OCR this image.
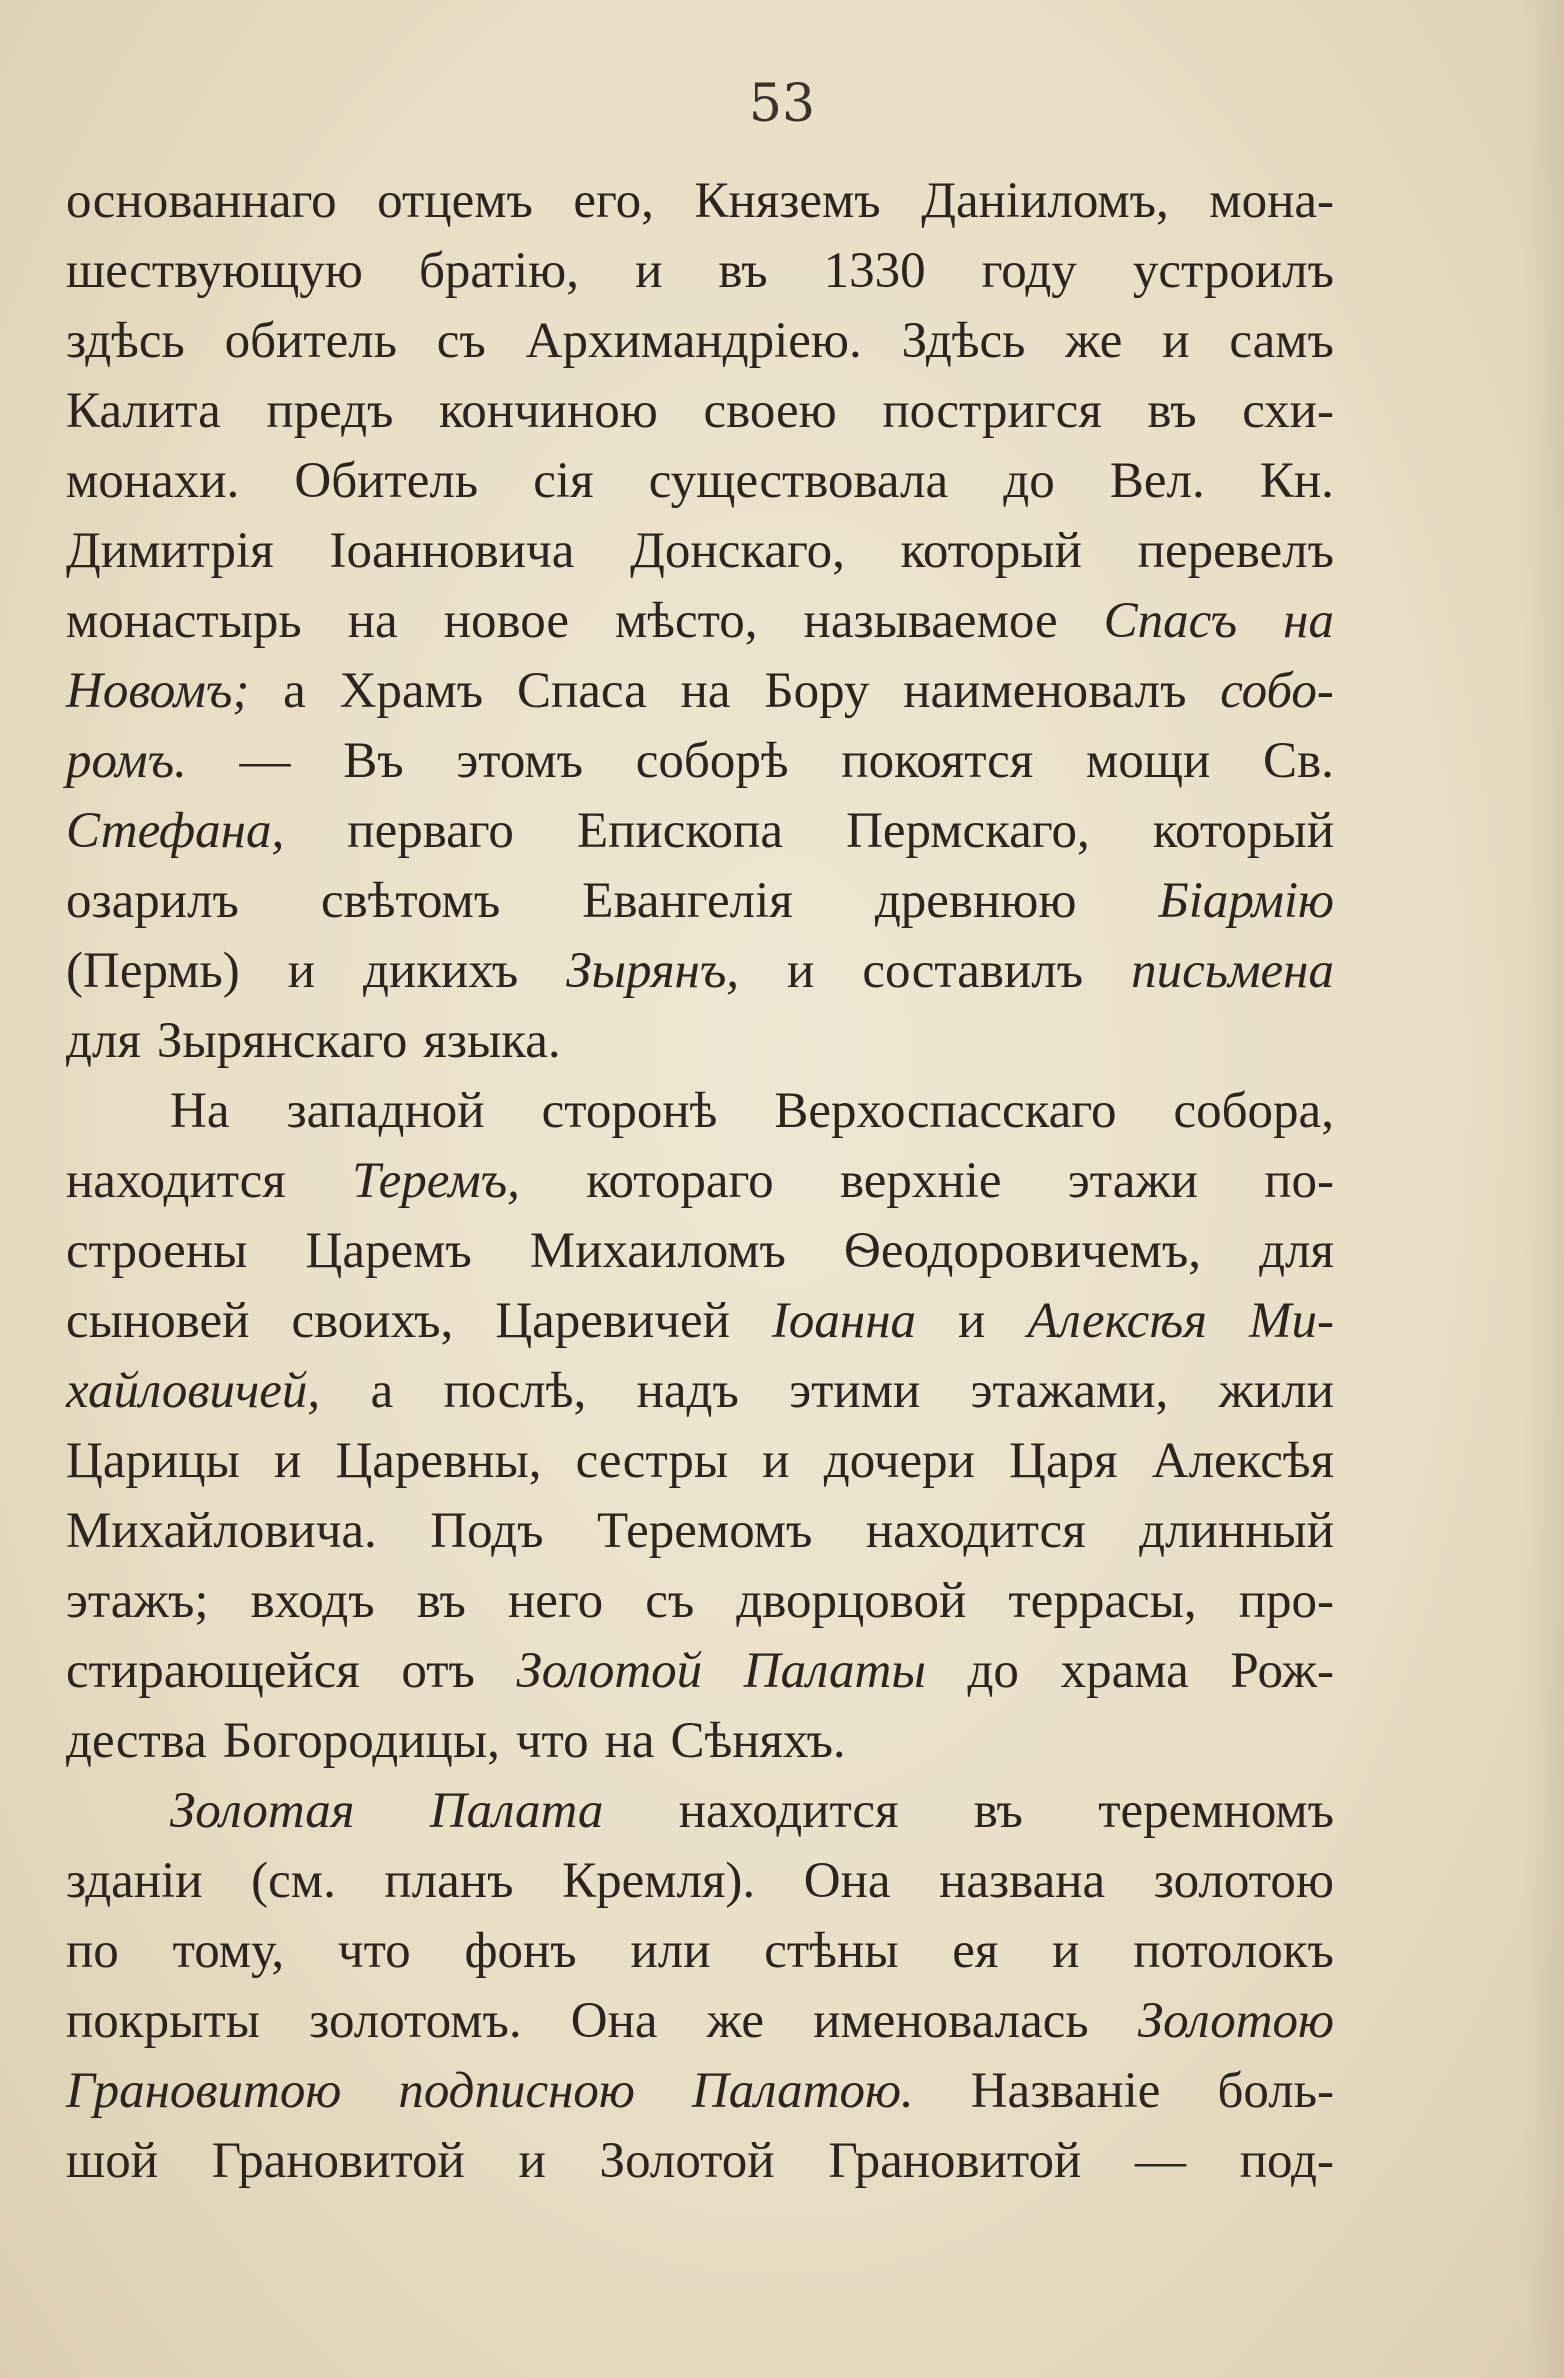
53
основаннаго отцемъ его, Княземъ Даніиломъ, мона-
шествующую братію, и въ 1330 году устроилъ
здѣсь обитель съ Архимандріею. Здѣсь же и самъ
Калита предъ кончиною своею постригся въ схи-
монахи. Обитель сія существовала до Вел. Кн.
Димитрія Іоанновича Донскаго, который перевелъ
монастырь на новое мѣсто, называемое Спасъ на
Новомъ; а Храмъ Спаса на Бору наименовалъ собо-
ромъ. — Въ этомъ соборѣ покоятся мощи Св.
Стефана, перваго Епископа Пермскаго, который
озарилъ свѣтомъ Евангелія древнюю Біармію
(Пермь) и дикихъ Зырянъ, и составилъ письмена
для Зырянскаго языка.
На западной сторонѣ Верхоспасскаго собора,
находится Теремъ, котораго верхніе этажи по-
строены Царемъ Михаиломъ Ѳеодоровичемъ, для
сыновей своихъ, Царевичей Іоанна и Алексѣя Ми-
хайловичей, а послѣ, надъ этими этажами, жили
Царицы и Царевны, сестры и дочери Царя Алексѣя
Михайловича. Подъ Теремомъ находится длинный
этажъ; входъ въ него съ дворцовой террасы, про-
стирающейся отъ Золотой Палаты до храма Рож-
дества Богородицы, что на Сѣняхъ.
Золотая Палата находится въ теремномъ
зданіи (см. планъ Кремля). Она названа золотою
по тому, что фонъ или стѣны ея и потолокъ
покрыты золотомъ. Она же именовалась Золотою
Грановитою подписною Палатою. Названіе боль-
шой Грановитой и Золотой Грановитой — под-
